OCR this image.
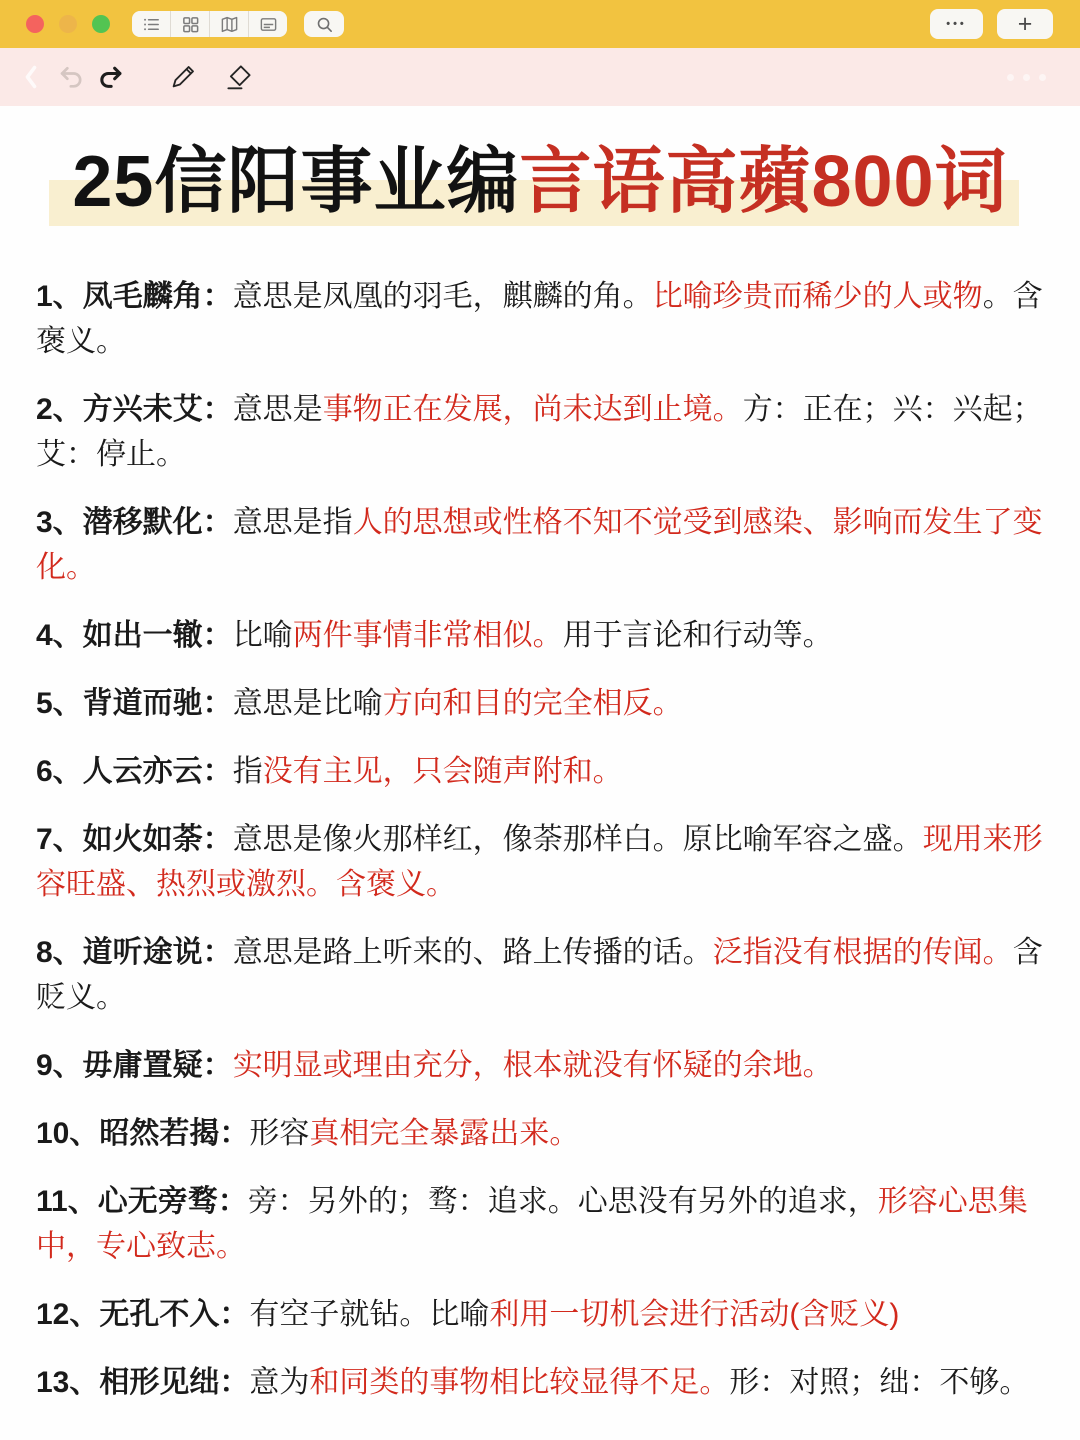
•••	+
25信阳事业编言语高蘋800词

1、凤毛麟角：意思是凤凰的羽毛，麒麟的角。比喻珍贵而稀少的人或物。含褒义。

2、方兴未艾：意思是事物正在发展，尚未达到止境。方：正在；兴：兴起；艾：停止。

3、潜移默化：意思是指人的思想或性格不知不觉受到感染、影响而发生了变化。

4、如出一辙：比喻两件事情非常相似。用于言论和行动等。

5、背道而驰：意思是比喻方向和目的完全相反。

6、人云亦云：指没有主见，只会随声附和。

7、如火如荼：意思是像火那样红，像荼那样白。原比喻军容之盛。现用来形容旺盛、热烈或激烈。含褒义。

8、道听途说：意思是路上听来的、路上传播的话。泛指没有根据的传闻。含贬义。

9、毋庸置疑：实明显或理由充分，根本就没有怀疑的余地。

10、昭然若揭：形容真相完全暴露出来。

11、心无旁骛：旁：另外的；骛：追求。心思没有另外的追求，形容心思集中，专心致志。

12、无孔不入：有空子就钻。比喻利用一切机会进行活动(含贬义)

13、相形见绌：意为和同类的事物相比较显得不足。形：对照；绌：不够。
